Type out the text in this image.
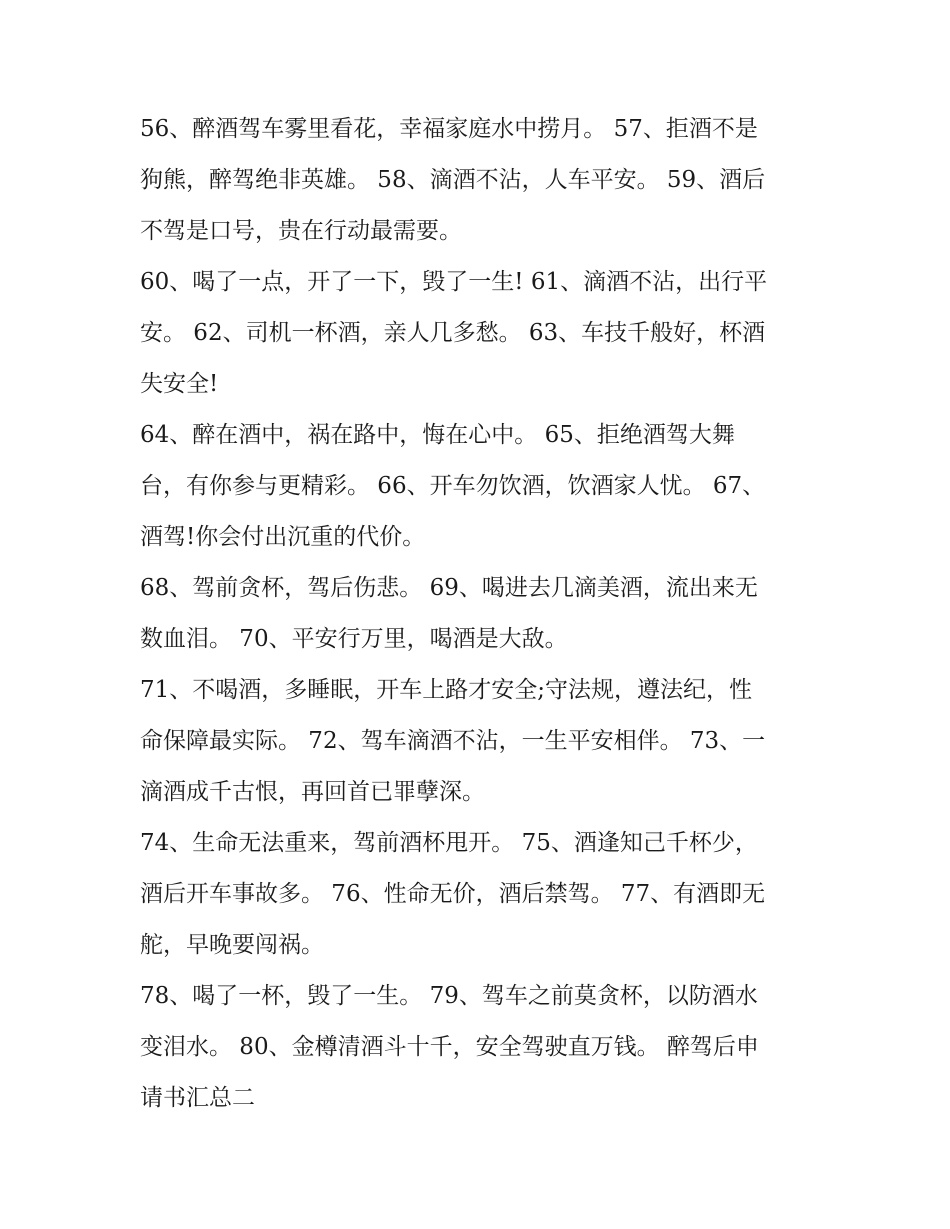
56、醉酒驾车雾里看花，幸福家庭水中捞月。 57、拒酒不是
狗熊，醉驾绝非英雄。 58、滴酒不沾，人车平安。 59、酒后
不驾是口号，贵在行动最需要。

60、喝了一点，开了一下，毁了一生! 61、滴酒不沾，出行平
安。 62、司机一杯酒，亲人几多愁。 63、车技千般好，杯酒
失安全!

64、醉在酒中，祸在路中，悔在心中。 65、拒绝酒驾大舞
台，有你参与更精彩。 66、开车勿饮酒，饮酒家人忧。 67、
酒驾!你会付出沉重的代价。

68、驾前贪杯，驾后伤悲。 69、喝进去几滴美酒，流出来无
数血泪。 70、平安行万里，喝酒是大敌。

71、不喝酒，多睡眠，开车上路才安全;守法规，遵法纪，性
命保障最实际。 72、驾车滴酒不沾，一生平安相伴。 73、一
滴酒成千古恨，再回首已罪孽深。

74、生命无法重来，驾前酒杯甩开。 75、酒逢知己千杯少，
酒后开车事故多。 76、性命无价，酒后禁驾。 77、有酒即无
舵，早晚要闯祸。

78、喝了一杯，毁了一生。 79、驾车之前莫贪杯，以防酒水
变泪水。 80、金樽清酒斗十千，安全驾驶直万钱。 醉驾后申
请书汇总二
